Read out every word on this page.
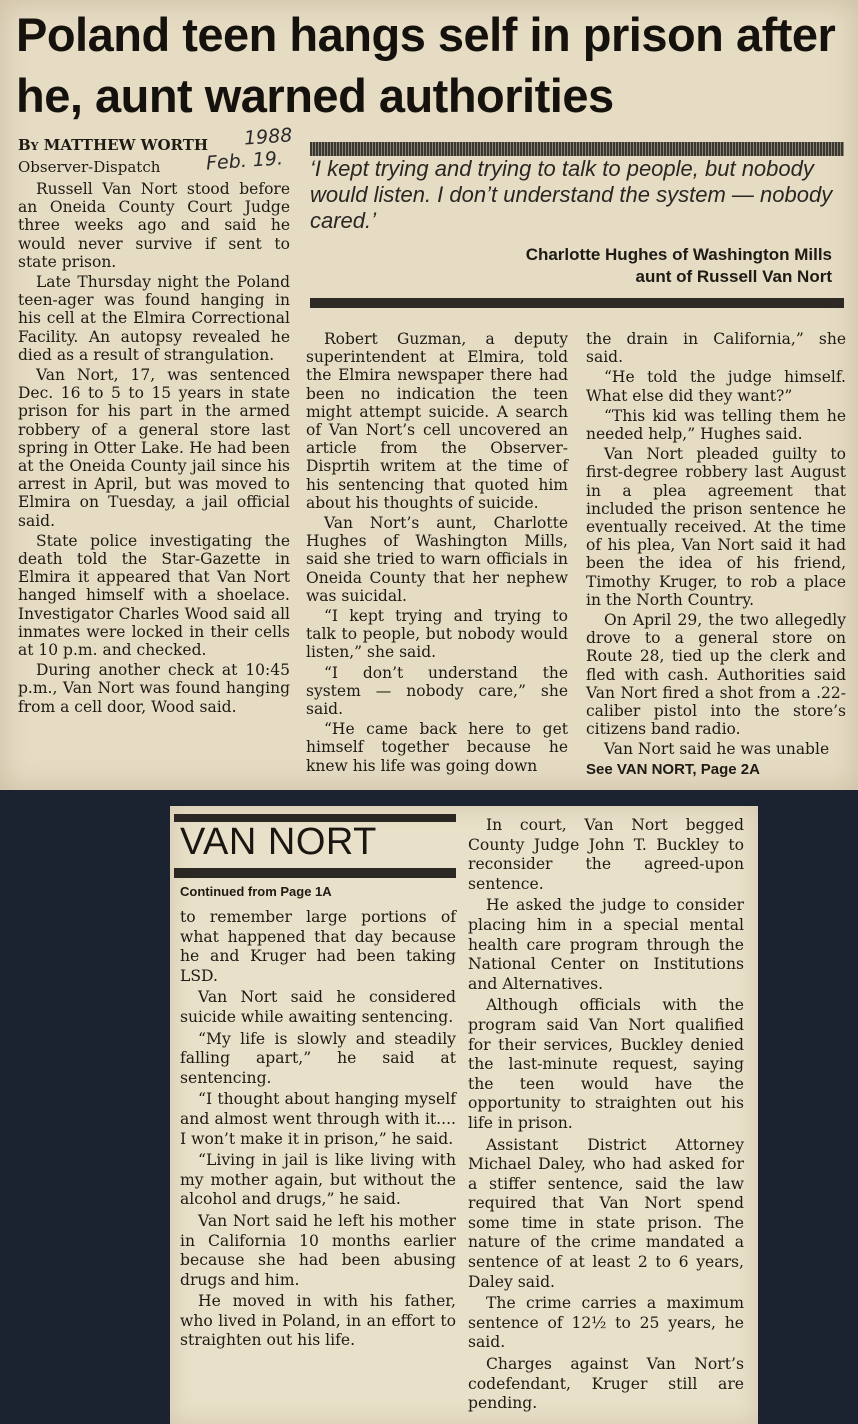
Poland teen hangs self in prison after he, aunt warned authorities
By MATTHEW WORTH
Observer-Dispatch
1988
Feb. 19. ‘I kept trying and trying to talk to people, but nobody would listen. I don’t understand the system — nobody cared.’
Charlotte Hughes of Washington Mills
aunt of Russell Van Nort

Russell Van Nort stood before an Oneida County Court Judge three weeks ago and said he would never survive if sent to state prison.

Late Thursday night the Poland teen-ager was found hanging in his cell at the Elmira Correctional Facility. An autopsy revealed he died as a result of strangulation.

Van Nort, 17, was sentenced Dec. 16 to 5 to 15 years in state prison for his part in the armed robbery of a general store last spring in Otter Lake. He had been at the Oneida County jail since his arrest in April, but was moved to Elmira on Tuesday, a jail official said.

State police investigating the death told the Star-Gazette in Elmira it appeared that Van Nort hanged himself with a shoelace. Investigator Charles Wood said all inmates were locked in their cells at 10 p.m. and checked.

During another check at 10:45 p.m., Van Nort was found hanging from a cell door, Wood said.

Robert Guzman, a deputy superintendent at Elmira, told the Elmira newspaper there had been no indication the teen might attempt suicide. A search of Van Nort’s cell uncovered an article from the Observer-Disprtih writem at the time of his sentencing that quoted him about his thoughts of suicide.

Van Nort’s aunt, Charlotte Hughes of Washington Mills, said she tried to warn officials in Oneida County that her nephew was suicidal.

“I kept trying and trying to talk to people, but nobody would listen,” she said.

“I don’t understand the system — nobody care,” she said.

“He came back here to get himself together because he knew his life was going down

the drain in California,” she said.

“He told the judge himself. What else did they want?”

“This kid was telling them he needed help,” Hughes said.

Van Nort pleaded guilty to first-degree robbery last August in a plea agreement that included the prison sentence he eventually received. At the time of his plea, Van Nort said it had been the idea of his friend, Timothy Kruger, to rob a place in the North Country.

On April 29, the two allegedly drove to a general store on Route 28, tied up the clerk and fled with cash. Authorities said Van Nort fired a shot from a .22-caliber pistol into the store’s citizens band radio.

Van Nort said he was unable

See VAN NORT, Page 2A

VAN NORT
Continued from Page 1A

to remember large portions of what happened that day because he and Kruger had been taking LSD.

Van Nort said he considered suicide while awaiting sentencing.

“My life is slowly and steadily falling apart,” he said at sentencing.

“I thought about hanging myself and almost went through with it.... I won’t make it in prison,” he said.

“Living in jail is like living with my mother again, but without the alcohol and drugs,” he said.

Van Nort said he left his mother in California 10 months earlier because she had been abusing drugs and him.

He moved in with his father, who lived in Poland, in an effort to straighten out his life.

In court, Van Nort begged County Judge John T. Buckley to reconsider the agreed-upon sentence.

He asked the judge to consider placing him in a special mental health care program through the National Center on Institutions and Alternatives.

Although officials with the program said Van Nort qualified for their services, Buckley denied the last-minute request, saying the teen would have the opportunity to straighten out his life in prison.

Assistant District Attorney Michael Daley, who had asked for a stiffer sentence, said the law required that Van Nort spend some time in state prison. The nature of the crime mandated a sentence of at least 2 to 6 years, Daley said.

The crime carries a maximum sentence of 12½ to 25 years, he said.

Charges against Van Nort’s codefendant, Kruger still are pending.
